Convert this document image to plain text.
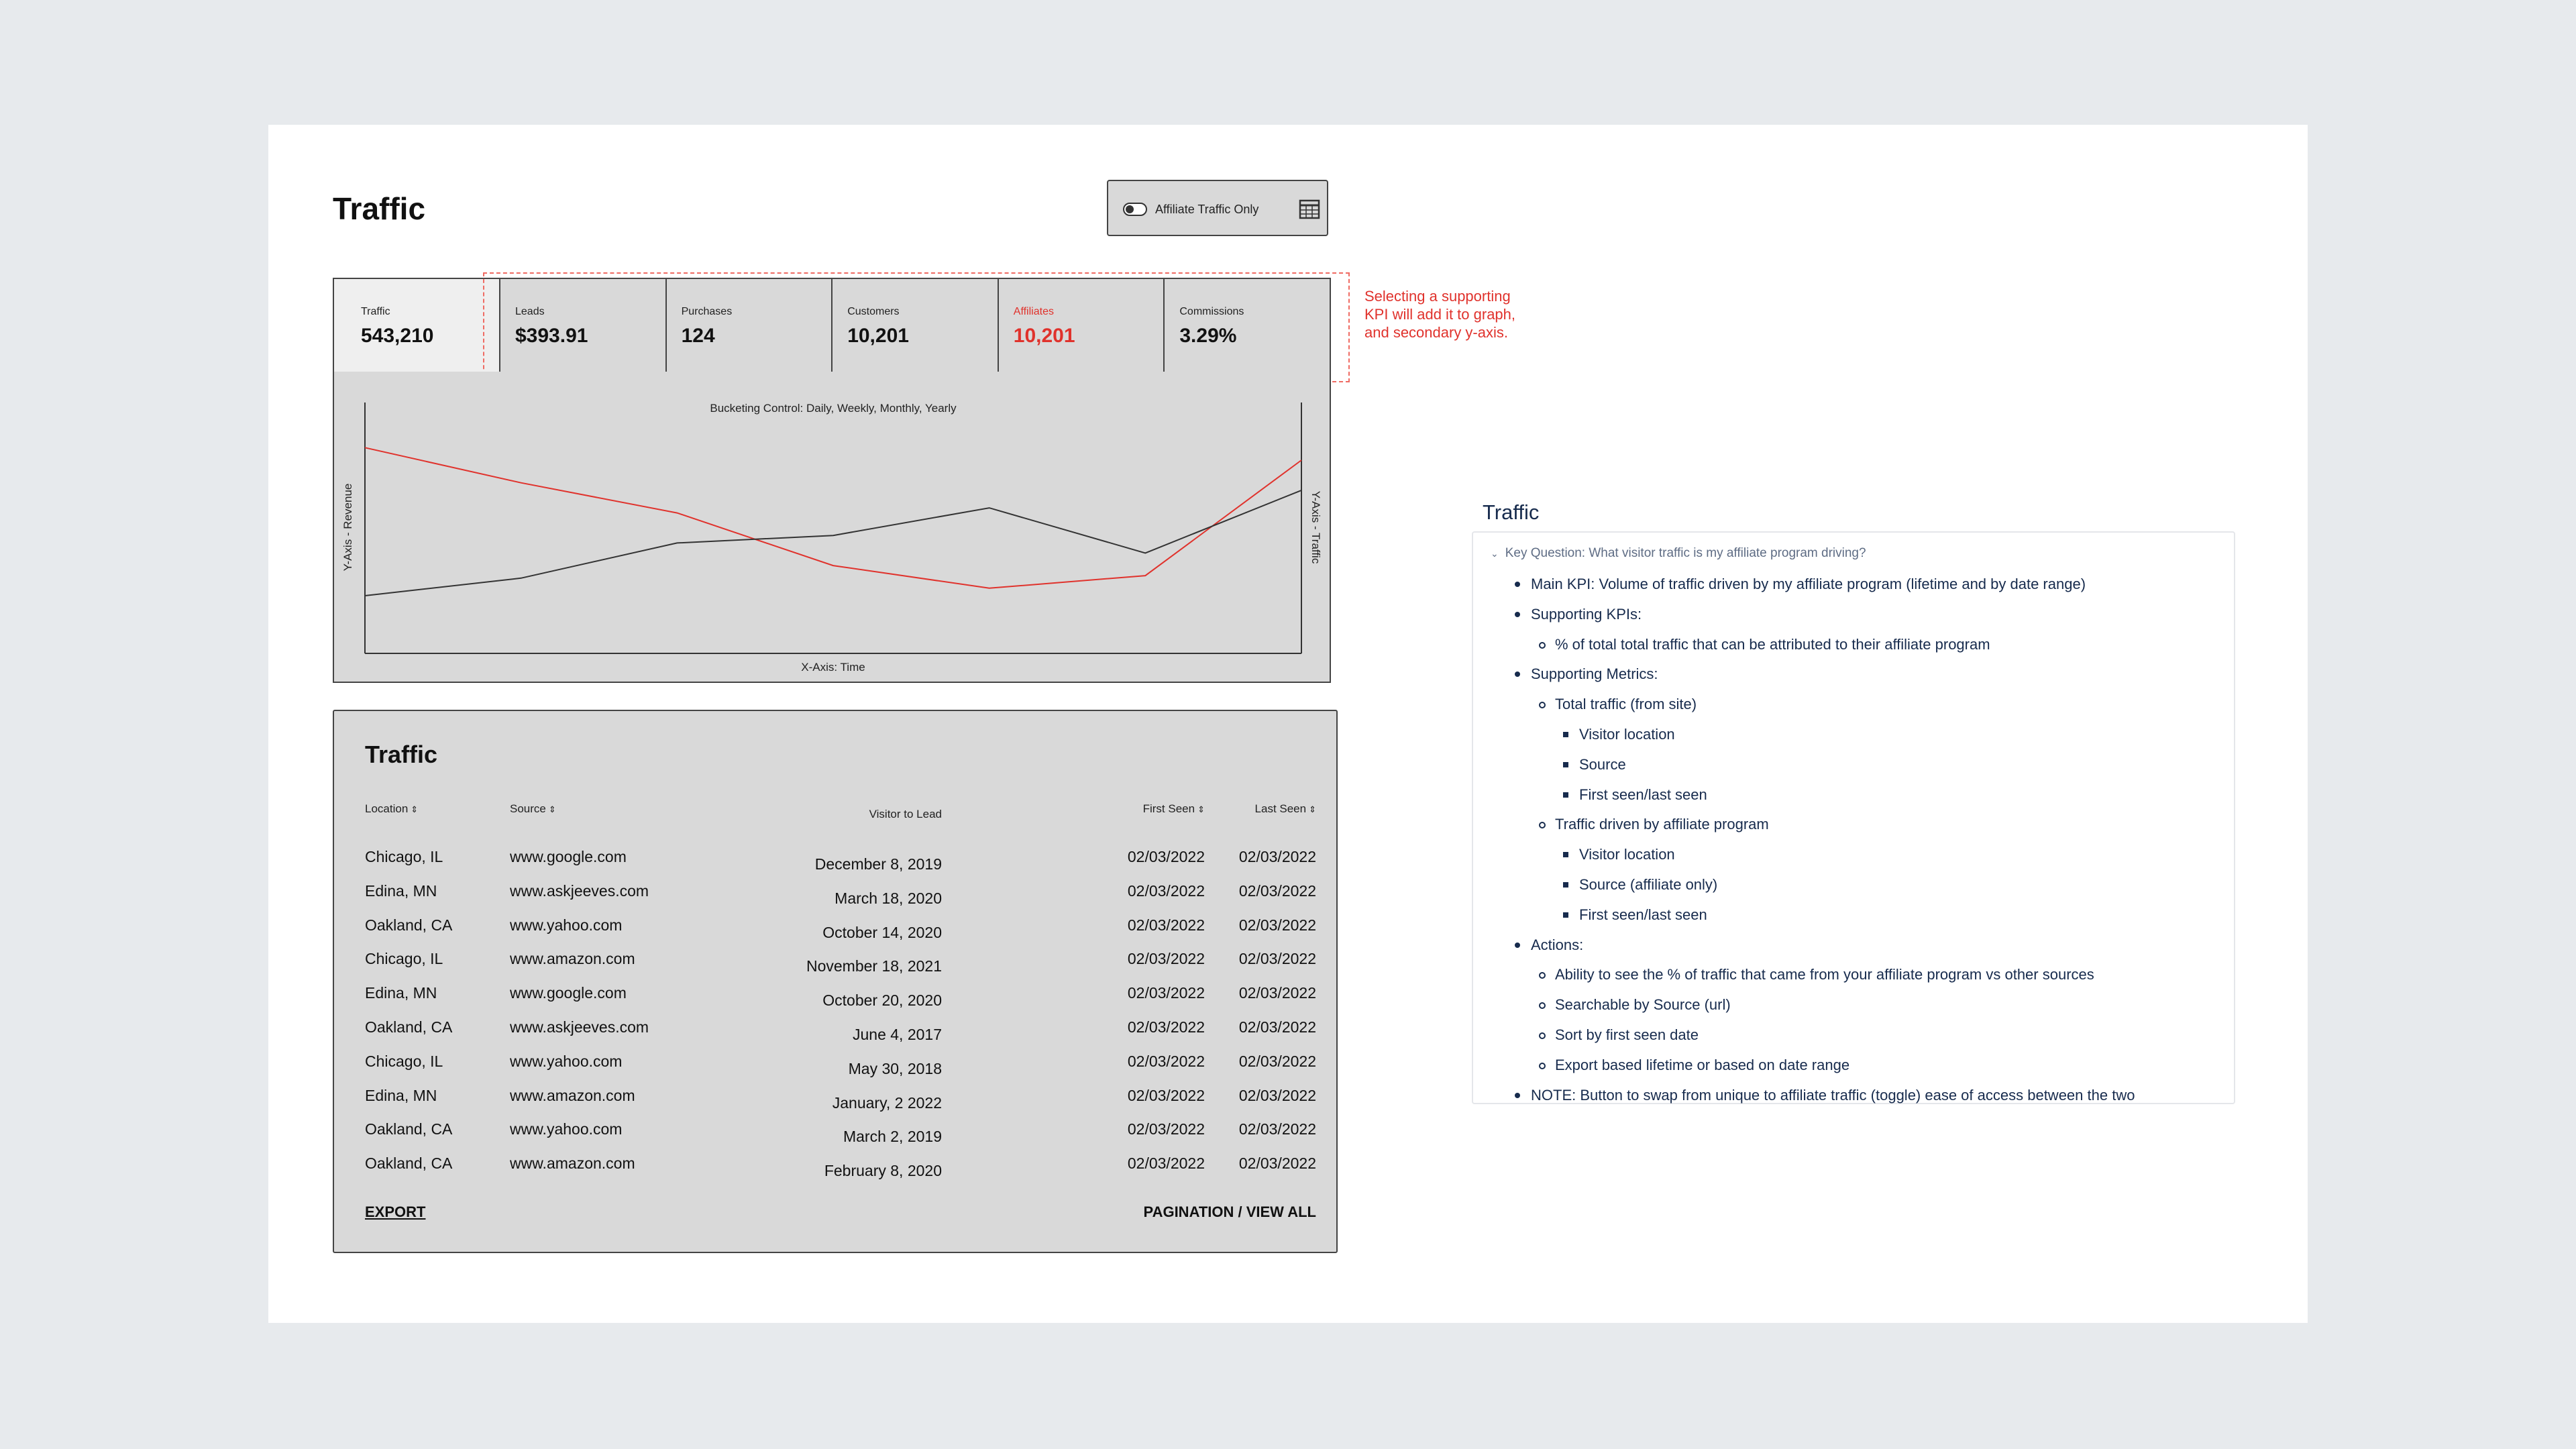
Traffic	Affiliate Traffic Only
Traffic
543,210
Leads
$393.91
Purchases
124
Customers
10,201
Affiliates
10,201
Commissions
3.29%
Selecting a supporting KPI will add it to graph, and secondary y-axis.
Bucketing Control: Daily, Weekly, Monthly, Yearly
X-Axis: Time
Y-Axis - Revenue	Y-Axis - Traffic
Traffic
Location ⇕	Source ⇕	Visitor to Lead	First Seen ⇕	Last Seen ⇕
Chicago, IL	www.google.com	December 8, 2019	02/03/2022 02/03/2022
Edina, MN	www.askjeeves.com	March 18, 2020	02/03/2022 02/03/2022
Oakland, CA	www.yahoo.com	October 14, 2020	02/03/2022 02/03/2022
Chicago, IL	www.amazon.com	November 18, 2021	02/03/2022 02/03/2022
Edina, MN	www.google.com	October 20, 2020	02/03/2022 02/03/2022
Oakland, CA	www.askjeeves.com	June 4, 2017	02/03/2022 02/03/2022
Chicago, IL	www.yahoo.com	May 30, 2018	02/03/2022 02/03/2022
Edina, MN	www.amazon.com	January, 2 2022	02/03/2022 02/03/2022
Oakland, CA	www.yahoo.com	March 2, 2019	02/03/2022 02/03/2022
Oakland, CA	www.amazon.com	February 8, 2020	02/03/2022 02/03/2022
EXPORT	PAGINATION / VIEW ALL
Traffic
⌄ Key Question: What visitor traffic is my affiliate program driving?
Main KPI: Volume of traffic driven by my affiliate program (lifetime and by date range)
Supporting KPIs:
% of total total traffic that can be attributed to their affiliate program
Supporting Metrics:
Total traffic (from site)
Visitor location
Source
First seen/last seen
Traffic driven by affiliate program
Visitor location
Source (affiliate only)
First seen/last seen
Actions:
Ability to see the % of traffic that came from your affiliate program vs other sources
Searchable by Source (url)
Sort by first seen date
Export based lifetime or based on date range
NOTE: Button to swap from unique to affiliate traffic (toggle) ease of access between the two
